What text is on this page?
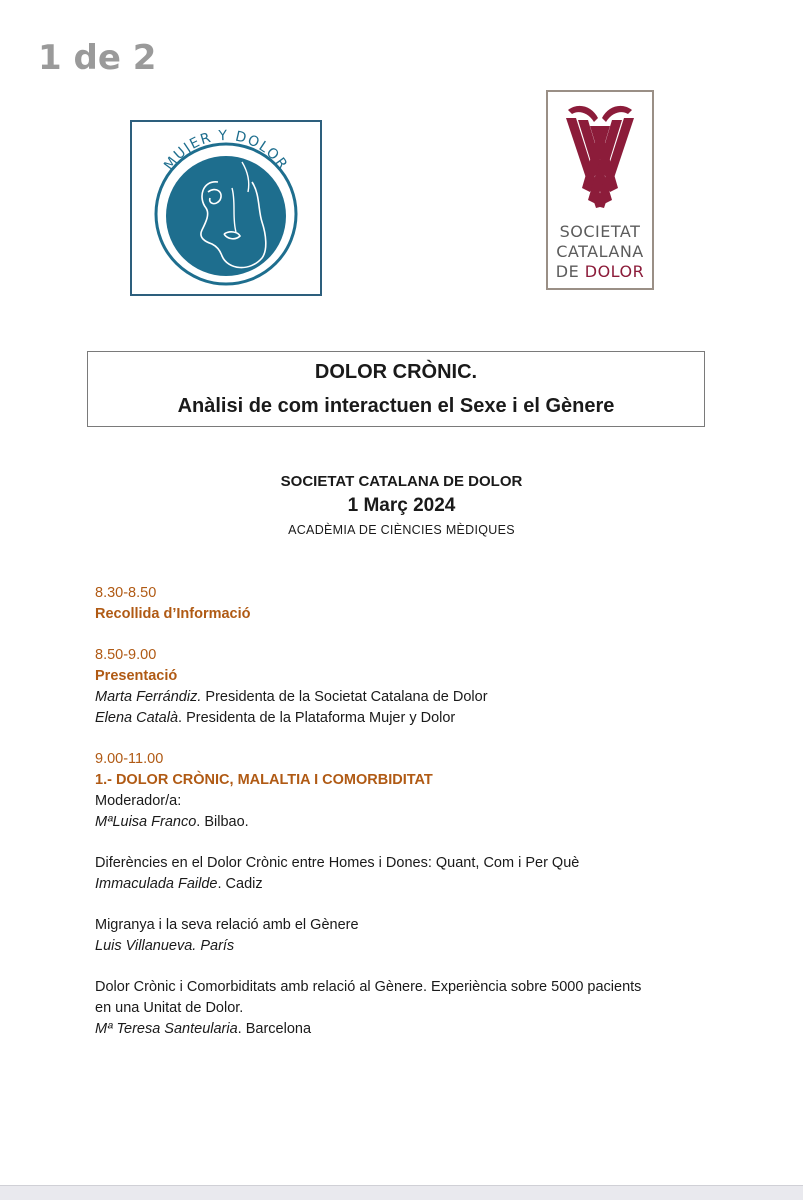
1 de 2
MUJER Y DOLOR
SOCIETAT
CATALANA
DE DOLOR
DOLOR CRÒNIC.
Anàlisi de com interactuen el Sexe i el Gènere
SOCIETAT CATALANA DE DOLOR
1 Març 2024
ACADÈMIA DE CIÈNCIES MÈDIQUES
8.30-8.50
Recollida d’Informació
8.50-9.00
Presentació
Marta Ferrándiz. Presidenta de la Societat Catalana de Dolor
Elena Català. Presidenta de la Plataforma Mujer y Dolor
9.00-11.00
1.- DOLOR CRÒNIC, MALALTIA I COMORBIDITAT
Moderador/a:
MªLuisa Franco. Bilbao.
Diferències en el Dolor Crònic entre Homes i Dones: Quant, Com i Per Què
Immaculada Failde. Cadiz
Migranya i la seva relació amb el Gènere
Luis Villanueva. París
Dolor Crònic i Comorbiditats amb relació al Gènere. Experiència sobre 5000 pacients
en una Unitat de Dolor.
Mª Teresa Santeularia. Barcelona
